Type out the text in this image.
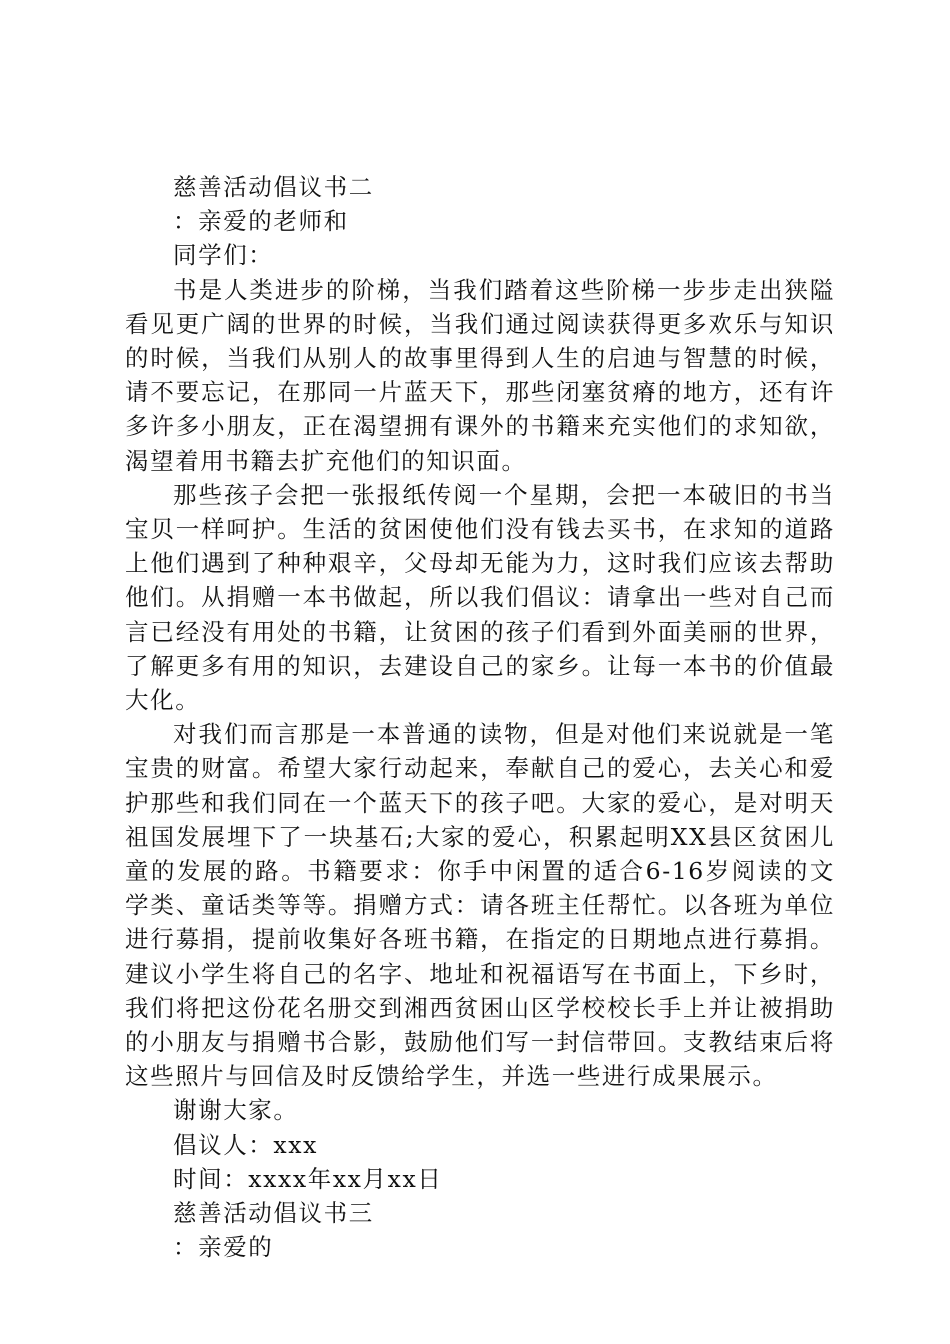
慈善活动倡议书二
：亲爱的老师和
同学们：
书是人类进步的阶梯，当我们踏着这些阶梯一步步走出狭隘看见更广阔的世界的时候，当我们通过阅读获得更多欢乐与知识的时候，当我们从别人的故事里得到人生的启迪与智慧的时候，请不要忘记，在那同一片蓝天下，那些闭塞贫瘠的地方，还有许多许多小朋友，正在渴望拥有课外的书籍来充实他们的求知欲，渴望着用书籍去扩充他们的知识面。
那些孩子会把一张报纸传阅一个星期，会把一本破旧的书当宝贝一样呵护。生活的贫困使他们没有钱去买书，在求知的道路上他们遇到了种种艰辛，父母却无能为力，这时我们应该去帮助他们。从捐赠一本书做起，所以我们倡议：请拿出一些对自己而言已经没有用处的书籍，让贫困的孩子们看到外面美丽的世界，了解更多有用的知识，去建设自己的家乡。让每一本书的价值最大化。
对我们而言那是一本普通的读物，但是对他们来说就是一笔宝贵的财富。希望大家行动起来，奉献自己的爱心，去关心和爱护那些和我们同在一个蓝天下的孩子吧。大家的爱心，是对明天祖国发展埋下了一块基石;大家的爱心，积累起明XX县区贫困儿童的发展的路。书籍要求：你手中闲置的适合6-16岁阅读的文学类、童话类等等。捐赠方式：请各班主任帮忙。以各班为单位进行募捐，提前收集好各班书籍，在指定的日期地点进行募捐。建议小学生将自己的名字、地址和祝福语写在书面上，下乡时，我们将把这份花名册交到湘西贫困山区学校校长手上并让被捐助的小朋友与捐赠书合影，鼓励他们写一封信带回。支教结束后将这些照片与回信及时反馈给学生，并选一些进行成果展示。
谢谢大家。
倡议人：xxx
时间：xxxx年xx月xx日
慈善活动倡议书三
：亲爱的
